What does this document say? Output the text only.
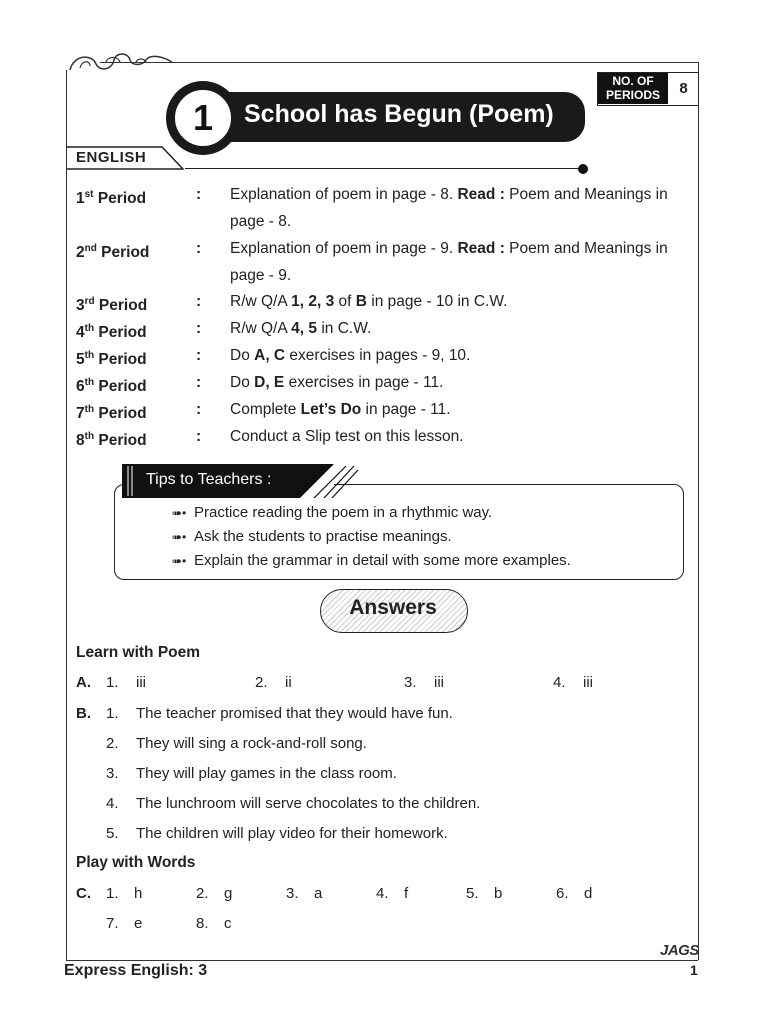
NO. OF PERIODS	8
School has Begun (Poem)
1
ENGLISH
1st Period	: Explanation of poem in page - 8. Read : Poem and Meanings in page - 8.
2nd Period	: Explanation of poem in page - 9. Read : Poem and Meanings in page - 9.
3rd Period	: R/w Q/A 1, 2, 3 of B in page - 10 in C.W.
4th Period	: R/w Q/A 4, 5 in C.W.
5th Period	: Do A, C exercises in pages - 9, 10.
6th Period	: Do D, E exercises in page - 11.
7th Period	: Complete Let’s Do in page - 11.
8th Period	: Conduct a Slip test on this lesson.
Tips to Teachers :
➠• Practice reading the poem in a rhythmic way.
➠• Ask the students to practise meanings.
➠• Explain the grammar in detail with some more examples.
Answers
Learn with Poem
A. 1. iii	2. ii	3. iii	4. iii
B. 1. The teacher promised that they would have fun.
2. They will sing a rock-and-roll song.
3. They will play games in the class room.
4. The lunchroom will serve chocolates to the children.
5. The children will play video for their homework.
C. 1. h	2. g	3. a	4. f	5. b	6. d
7. e	8. c
Play with Words
Express English: 3
JAGS
1
